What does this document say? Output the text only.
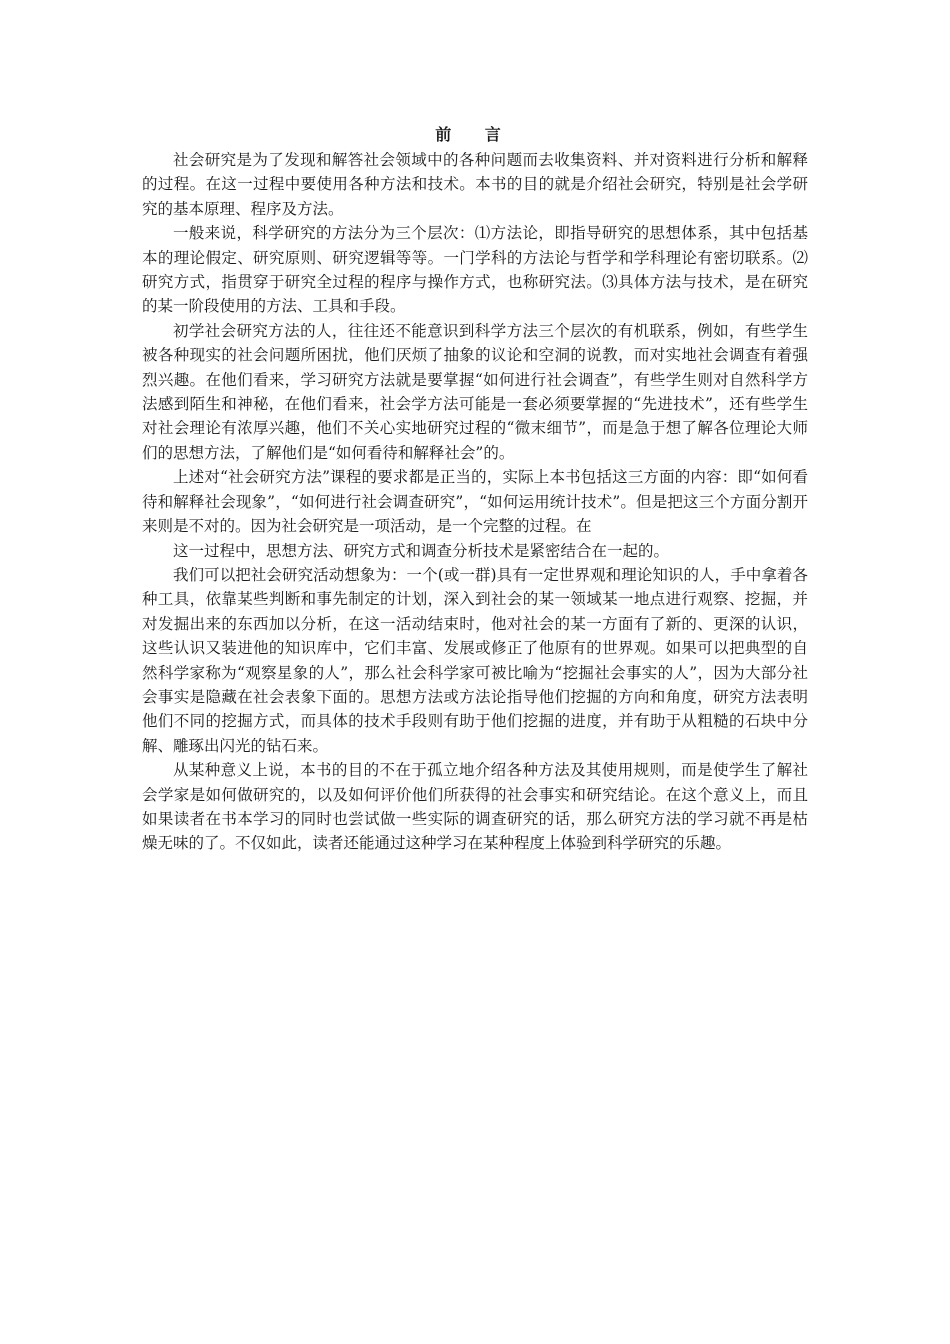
前 言

社会研究是为了发现和解答社会领域中的各种问题而去收集资料、并对资料进行分析和解释的过程。在这一过程中要使用各种方法和技术。本书的目的就是介绍社会研究，特别是社会学研究的基本原理、程序及方法。

一般来说，科学研究的方法分为三个层次：⑴方法论，即指导研究的思想体系，其中包括基本的理论假定、研究原则、研究逻辑等等。一门学科的方法论与哲学和学科理论有密切联系。⑵研究方式，指贯穿于研究全过程的程序与操作方式，也称研究法。⑶具体方法与技术，是在研究的某一阶段使用的方法、工具和手段。

初学社会研究方法的人，往往还不能意识到科学方法三个层次的有机联系，例如，有些学生被各种现实的社会问题所困扰，他们厌烦了抽象的议论和空洞的说教，而对实地社会调查有着强烈兴趣。在他们看来，学习研究方法就是要掌握“如何进行社会调查”，有些学生则对自然科学方法感到陌生和神秘，在他们看来，社会学方法可能是一套必须要掌握的“先进技术”，还有些学生对社会理论有浓厚兴趣，他们不关心实地研究过程的“微末细节”，而是急于想了解各位理论大师们的思想方法，了解他们是“如何看待和解释社会”的。

上述对“社会研究方法”课程的要求都是正当的，实际上本书包括这三方面的内容：即“如何看待和解释社会现象”，“如何进行社会调查研究”，“如何运用统计技术”。但是把这三个方面分割开来则是不对的。因为社会研究是一项活动，是一个完整的过程。在

这一过程中，思想方法、研究方式和调查分析技术是紧密结合在一起的。

我们可以把社会研究活动想象为：一个(或一群)具有一定世界观和理论知识的人，手中拿着各种工具，依靠某些判断和事先制定的计划，深入到社会的某一领域某一地点进行观察、挖掘，并对发掘出来的东西加以分析，在这一活动结束时，他对社会的某一方面有了新的、更深的认识，这些认识又装进他的知识库中，它们丰富、发展或修正了他原有的世界观。如果可以把典型的自然科学家称为“观察星象的人”，那么社会科学家可被比喻为“挖掘社会事实的人”，因为大部分社会事实是隐藏在社会表象下面的。思想方法或方法论指导他们挖掘的方向和角度，研究方法表明他们不同的挖掘方式，而具体的技术手段则有助于他们挖掘的进度，并有助于从粗糙的石块中分解、雕琢出闪光的钻石来。

从某种意义上说，本书的目的不在于孤立地介绍各种方法及其使用规则，而是使学生了解社会学家是如何做研究的，以及如何评价他们所获得的社会事实和研究结论。在这个意义上，而且如果读者在书本学习的同时也尝试做一些实际的调查研究的话，那么研究方法的学习就不再是枯燥无味的了。不仅如此，读者还能通过这种学习在某种程度上体验到科学研究的乐趣。
